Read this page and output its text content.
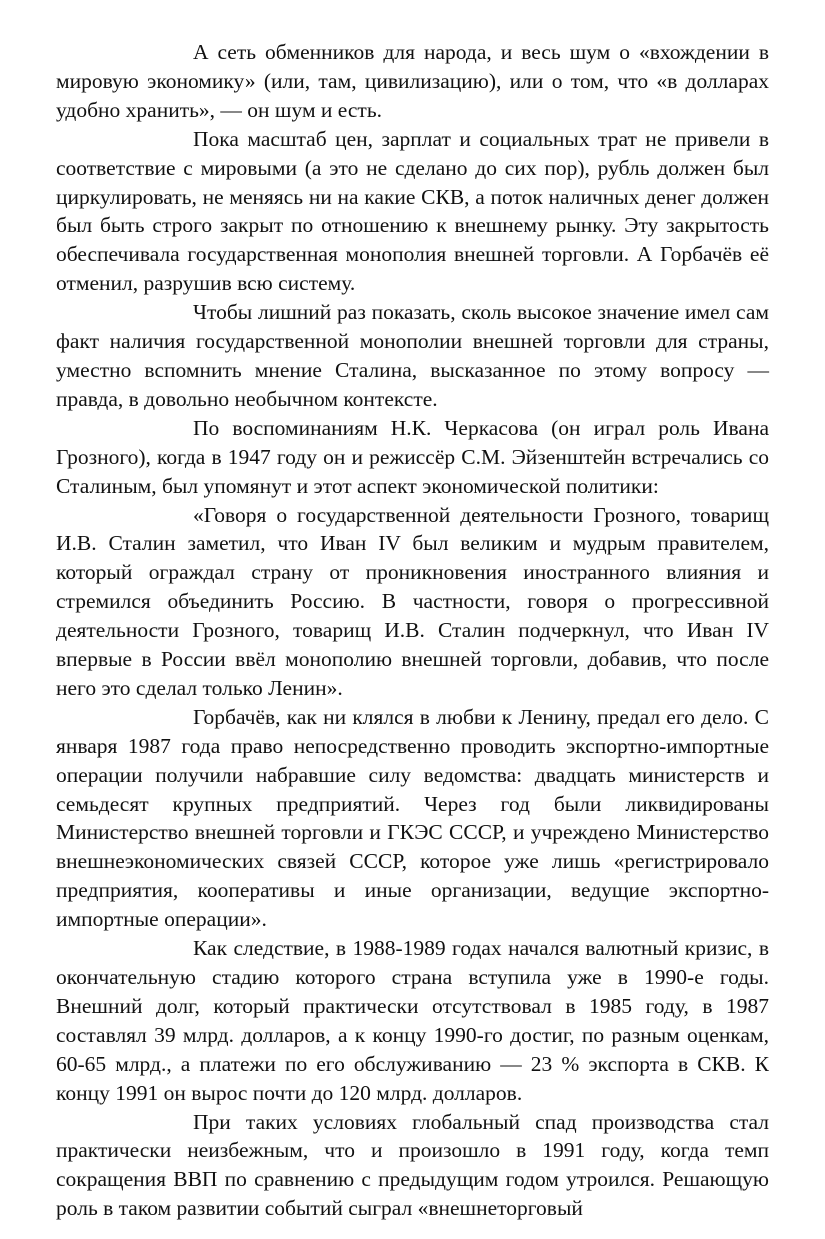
А сеть обменников для народа, и весь шум о «вхождении в мировую экономику» (или, там, цивилизацию), или о том, что «в долларах удобно хранить», — он шум и есть.

Пока масштаб цен, зарплат и социальных трат не привели в соответствие с мировыми (а это не сделано до сих пор), рубль должен был циркулировать, не меняясь ни на какие СКВ, а поток наличных денег должен был быть строго закрыт по отношению к внешнему рынку. Эту закрытость обеспечивала государственная монополия внешней торговли. А Горбачёв её отменил, разрушив всю систему.

Чтобы лишний раз показать, сколь высокое значение имел сам факт наличия государственной монополии внешней торговли для страны, уместно вспомнить мнение Сталина, высказанное по этому вопросу — правда, в довольно необычном контексте.

По воспоминаниям Н.К. Черкасова (он играл роль Ивана Грозного), когда в 1947 году он и режиссёр С.М. Эйзенштейн встречались со Сталиным, был упомянут и этот аспект экономической политики:

«Говоря о государственной деятельности Грозного, товарищ И.В. Сталин заметил, что Иван IV был великим и мудрым правителем, который ограждал страну от проникновения иностранного влияния и стремился объединить Россию. В частности, говоря о прогрессивной деятельности Грозного, товарищ И.В. Сталин подчеркнул, что Иван IV впервые в России ввёл монополию внешней торговли, добавив, что после него это сделал только Ленин».

Горбачёв, как ни клялся в любви к Ленину, предал его дело. С января 1987 года право непосредственно проводить экспортно-импортные операции получили набравшие силу ведомства: двадцать министерств и семьдесят крупных предприятий. Через год были ликвидированы Министерство внешней торговли и ГКЭС СССР, и учреждено Министерство внешнеэкономических связей СССР, которое уже лишь «регистрировало предприятия, кооперативы и иные организации, ведущие экспортно-импортные операции».

Как следствие, в 1988-1989 годах начался валютный кризис, в окончательную стадию которого страна вступила уже в 1990-е годы. Внешний долг, который практически отсутствовал в 1985 году, в 1987 составлял 39 млрд. долларов, а к концу 1990-го достиг, по разным оценкам, 60-65 млрд., а платежи по его обслуживанию — 23 % экспорта в СКВ. К концу 1991 он вырос почти до 120 млрд. долларов.

При таких условиях глобальный спад производства стал практически неизбежным, что и произошло в 1991 году, когда темп сокращения ВВП по сравнению с предыдущим годом утроился. Решающую роль в таком развитии событий сыграл «внешнеторговый
